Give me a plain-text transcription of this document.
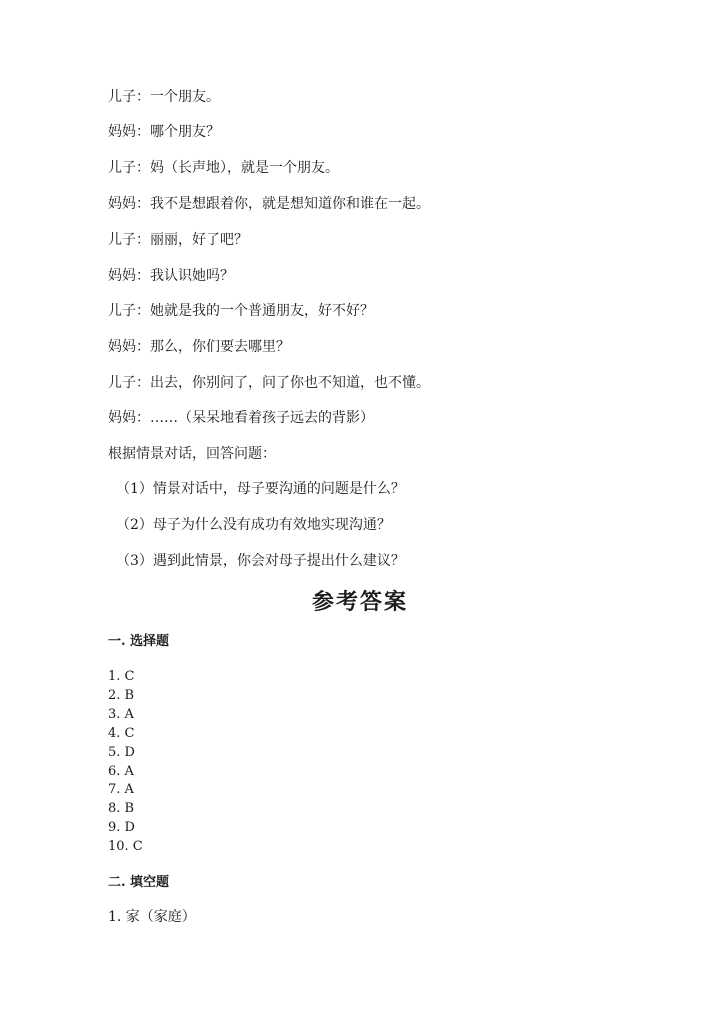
儿子：一个朋友。
妈妈：哪个朋友？
儿子：妈（长声地），就是一个朋友。
妈妈：我不是想跟着你，就是想知道你和谁在一起。
儿子：丽丽，好了吧？
妈妈：我认识她吗？
儿子：她就是我的一个普通朋友，好不好？
妈妈：那么，你们要去哪里？
儿子：出去，你别问了，问了你也不知道，也不懂。
妈妈：……（呆呆地看着孩子远去的背影）
根据情景对话，回答问题：
（1）情景对话中，母子要沟通的问题是什么？
（2）母子为什么没有成功有效地实现沟通？
（3）遇到此情景，你会对母子提出什么建议？
参考答案
一. 选择题
1. C
2. B
3. A
4. C
5. D
6. A
7. A
8. B
9. D
10. C
二. 填空题
1. 家（家庭）
